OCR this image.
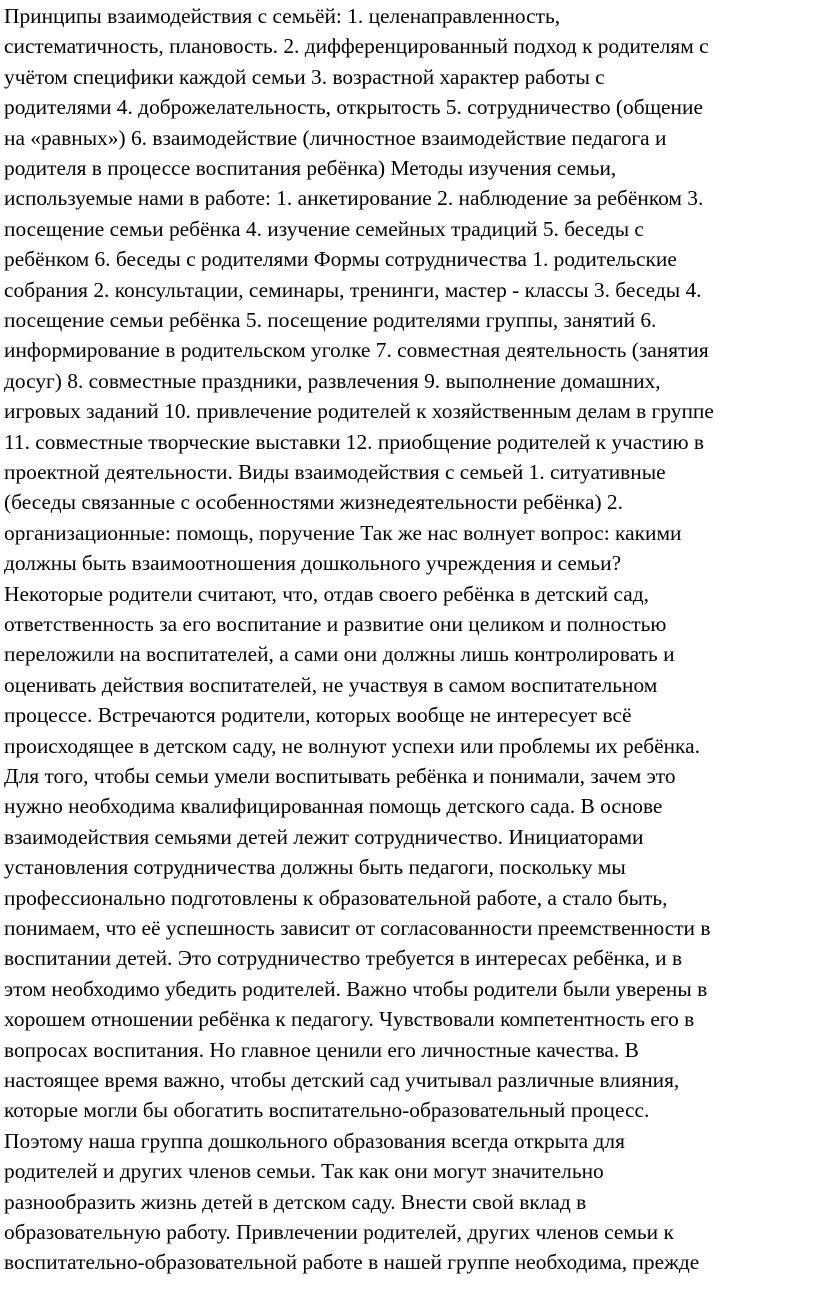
Принципы взаимодействия с семьёй: 1. целенаправленность,
систематичность, плановость. 2. дифференцированный подход к родителям с
учётом специфики каждой семьи 3. возрастной характер работы с
родителями 4. доброжелательность, открытость 5. сотрудничество (общение
на «равных») 6. взаимодействие (личностное взаимодействие педагога и
родителя в процессе воспитания ребёнка) Методы изучения семьи,
используемые нами в работе: 1. анкетирование 2. наблюдение за ребёнком 3.
посещение семьи ребёнка 4. изучение семейных традиций 5. беседы с
ребёнком 6. беседы с родителями Формы сотрудничества 1. родительские
собрания 2. консультации, семинары, тренинги, мастер - классы 3. беседы 4.
посещение семьи ребёнка 5. посещение родителями группы, занятий 6.
информирование в родительском уголке 7. совместная деятельность (занятия
досуг) 8. совместные праздники, развлечения 9. выполнение домашних,
игровых заданий 10. привлечение родителей к хозяйственным делам в группе
11. совместные творческие выставки 12. приобщение родителей к участию в
проектной деятельности. Виды взаимодействия с семьей 1. ситуативные
(беседы связанные с особенностями жизнедеятельности ребёнка) 2.
организационные: помощь, поручение Так же нас волнует вопрос: какими
должны быть взаимоотношения дошкольного учреждения и семьи?
Некоторые родители считают, что, отдав своего ребёнка в детский сад,
ответственность за его воспитание и развитие они целиком и полностью
переложили на воспитателей, а сами они должны лишь контролировать и
оценивать действия воспитателей, не участвуя в самом воспитательном
процессе. Встречаются родители, которых вообще не интересует всё
происходящее в детском саду, не волнуют успехи или проблемы их ребёнка.
Для того, чтобы семьи умели воспитывать ребёнка и понимали, зачем это
нужно необходима квалифицированная помощь детского сада. В основе
взаимодействия семьями детей лежит сотрудничество. Инициаторами
установления сотрудничества должны быть педагоги, поскольку мы
профессионально подготовлены к образовательной работе, а стало быть,
понимаем, что её успешность зависит от согласованности преемственности в
воспитании детей. Это сотрудничество требуется в интересах ребёнка, и в
этом необходимо убедить родителей. Важно чтобы родители были уверены в
хорошем отношении ребёнка к педагогу. Чувствовали компетентность его в
вопросах воспитания. Но главное ценили его личностные качества. В
настоящее время важно, чтобы детский сад учитывал различные влияния,
которые могли бы обогатить воспитательно-образовательный процесс.
Поэтому наша группа дошкольного образования всегда открыта для
родителей и других членов семьи. Так как они могут значительно
разнообразить жизнь детей в детском саду. Внести свой вклад в
образовательную работу. Привлечении родителей, других членов семьи к
воспитательно-образовательной работе в нашей группе необходима, прежде
